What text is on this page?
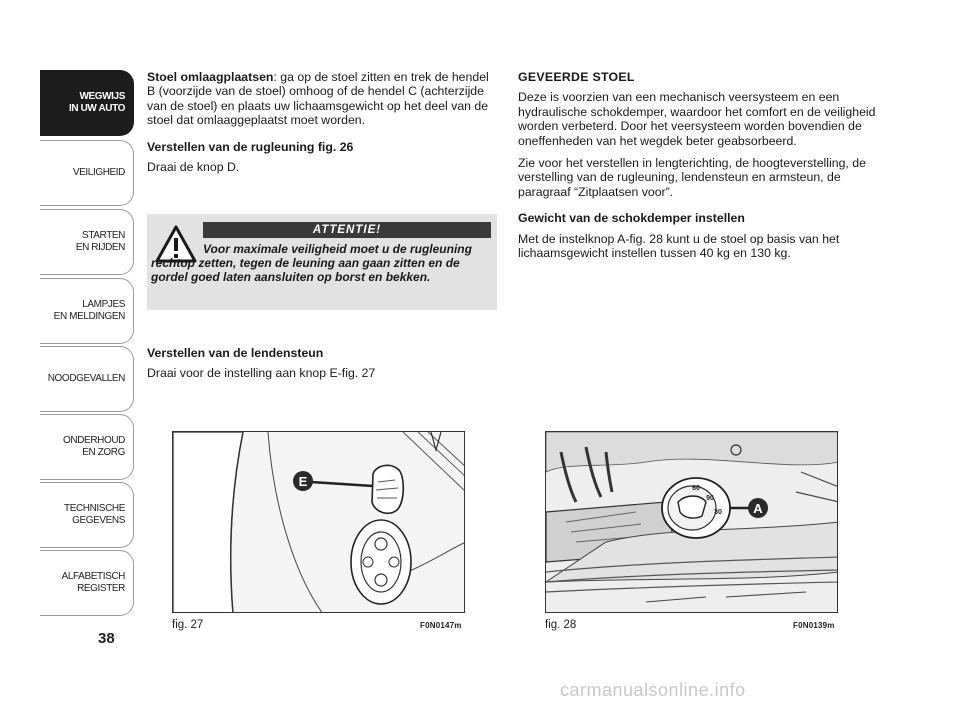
WEGWIJS
IN UW AUTO
VEILIGHEID
STARTEN
EN RIJDEN
LAMPJES
EN MELDINGEN
NOODGEVALLEN
ONDERHOUD
EN ZORG
TECHNISCHE
GEGEVENS
ALFABETISCH
REGISTER
38

Stoel omlaagplaatsen: ga op de stoel zitten en trek de hendel B (voorzijde van de stoel) omhoog of de hendel C (achterzijde van de stoel) en plaats uw lichaamsgewicht op het deel van de stoel dat omlaaggeplaatst moet worden.

Verstellen van de rugleuning fig. 26

Draai de knop D.

ATTENTIE!
Voor maximale veiligheid moet u de rugleuning rechtop zetten, tegen de leuning aan gaan zitten en de gordel goed laten aansluiten op borst en bekken.

Verstellen van de lendensteun

Draai voor de instelling aan knop E-fig. 27

GEVEERDE STOEL

Deze is voorzien van een mechanisch veersysteem en een hydraulische schokdemper, waardoor het comfort en de veiligheid worden verbeterd. Door het veersysteem worden bovendien de oneffenheden van het wegdek beter geabsorbeerd.

Zie voor het verstellen in lengterichting, de hoogteverstelling, de verstelling van de rugleuning, lendensteun en armsteun, de paragraaf “Zitplaatsen voor”.

Gewicht van de schokdemper instellen

Met de instelknop A-fig. 28 kunt u de stoel op basis van het lichaamsgewicht instellen tussen 40 kg en 130 kg.

E
fig. 27	F0N0147m
60
30
90
A
fig. 28	F0N0139m
carmanualsonline.info
